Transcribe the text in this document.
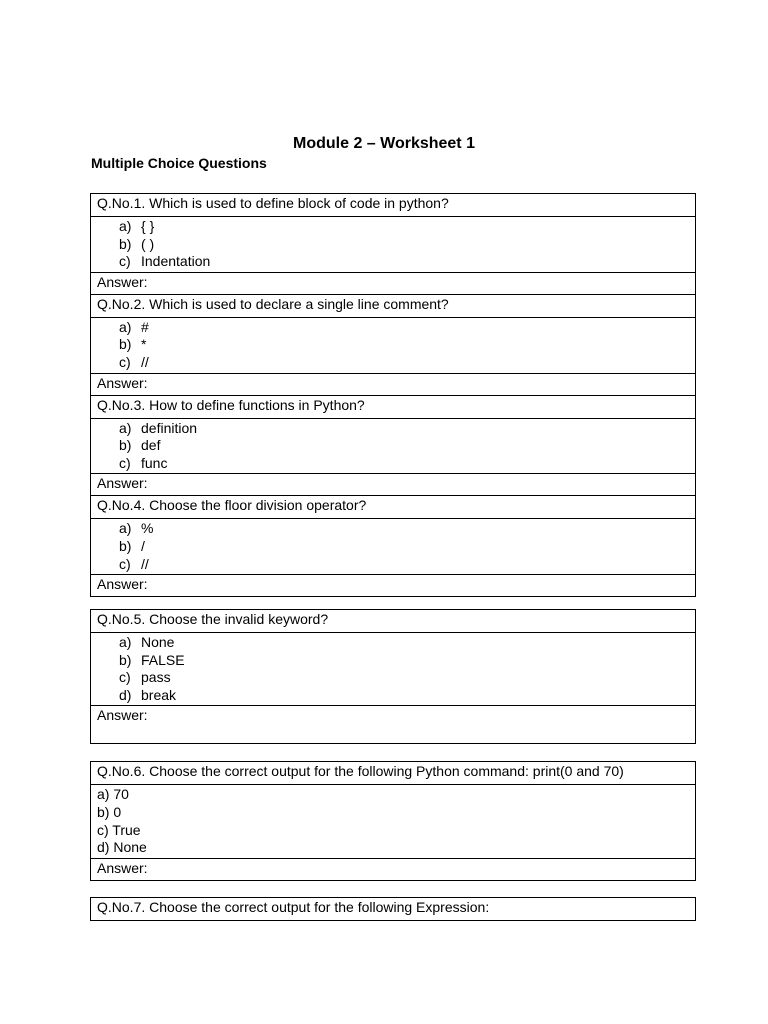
Module 2 – Worksheet 1
Multiple Choice Questions
Q.No.1. Which is used to define block of code in python?

a) { }
b) ( )
c) Indentation

Answer:
Q.No.2. Which is used to declare a single line comment?

a) #
b) *
c) //

Answer:
Q.No.3. How to define functions in Python?

a) definition
b) def
c) func

Answer:
Q.No.4. Choose the floor division operator?

a) %
b) /
c) //

Answer:
Q.No.5. Choose the invalid keyword?

a) None
b) FALSE
c) pass
d) break

Answer:
Q.No.6. Choose the correct output for the following Python command: print(0 and 70)

a) 70
b) 0
c) True
d) None

Answer:
Q.No.7. Choose the correct output for the following Expression:
